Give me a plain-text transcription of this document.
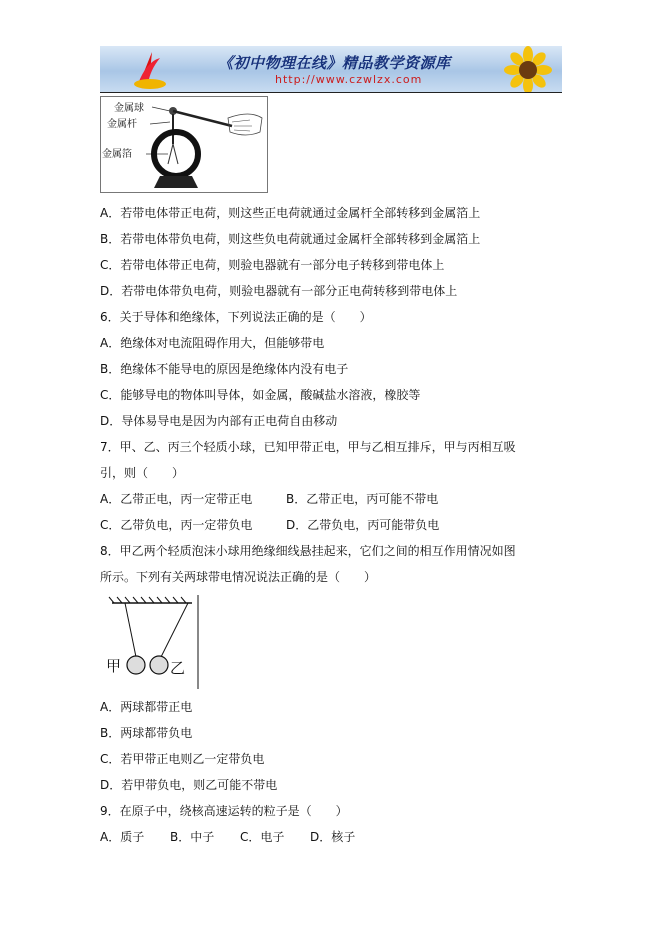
《初中物理在线》精品教学资源库
http://www.czwlzx.com
金属球
金属杆
金属箔
A．若带电体带正电荷，则这些正电荷就通过金属杆全部转移到金属箔上
B．若带电体带负电荷，则这些负电荷就通过金属杆全部转移到金属箔上
C．若带电体带正电荷，则验电器就有一部分电子转移到带电体上
D．若带电体带负电荷，则验电器就有一部分正电荷转移到带电体上
6．关于导体和绝缘体，下列说法正确的是（　　）
A．绝缘体对电流阻碍作用大，但能够带电
B．绝缘体不能导电的原因是绝缘体内没有电子
C．能够导电的物体叫导体，如金属，酸碱盐水溶液，橡胶等
D．导体易导电是因为内部有正电荷自由移动
7．甲、乙、丙三个轻质小球，已知甲带正电，甲与乙相互排斥，甲与丙相互吸
引，则（　　）
A．乙带正电，丙一定带正电	B．乙带正电，丙可能不带电
C．乙带负电，丙一定带负电	D．乙带负电，丙可能带负电
8．甲乙两个轻质泡沫小球用绝缘细线悬挂起来，它们之间的相互作用情况如图
所示。下列有关两球带电情况说法正确的是（　　）
甲	乙
A．两球都带正电
B．两球都带负电
C．若甲带正电则乙一定带负电
D．若甲带负电，则乙可能不带电
9．在原子中，绕核高速运转的粒子是（　　）
A．质子 B．中子 C．电子 D．核子
